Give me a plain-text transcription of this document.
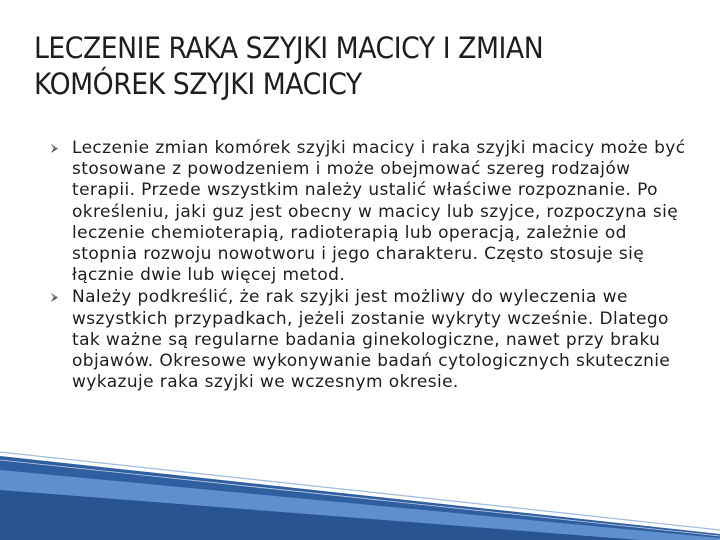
LECZENIE RAKA SZYJKI MACICY I ZMIAN
KOMÓREK SZYJKI MACICY
Leczenie zmian komórek szyjki macicy i raka szyjki macicy może być stosowane z powodzeniem i może obejmować szereg rodzajów terapii. Przede wszystkim należy ustalić właściwe rozpoznanie. Po określeniu, jaki guz jest obecny w macicy lub szyjce, rozpoczyna się leczenie chemioterapią, radioterapią lub operacją, zależnie od stopnia rozwoju nowotworu i jego charakteru. Często stosuje się łącznie dwie lub więcej metod.
Należy podkreślić, że rak szyjki jest możliwy do wyleczenia we wszystkich przypadkach, jeżeli zostanie wykryty wcześnie. Dlatego tak ważne są regularne badania ginekologiczne, nawet przy braku objawów. Okresowe wykonywanie badań cytologicznych skutecznie wykazuje raka szyjki we wczesnym okresie.
